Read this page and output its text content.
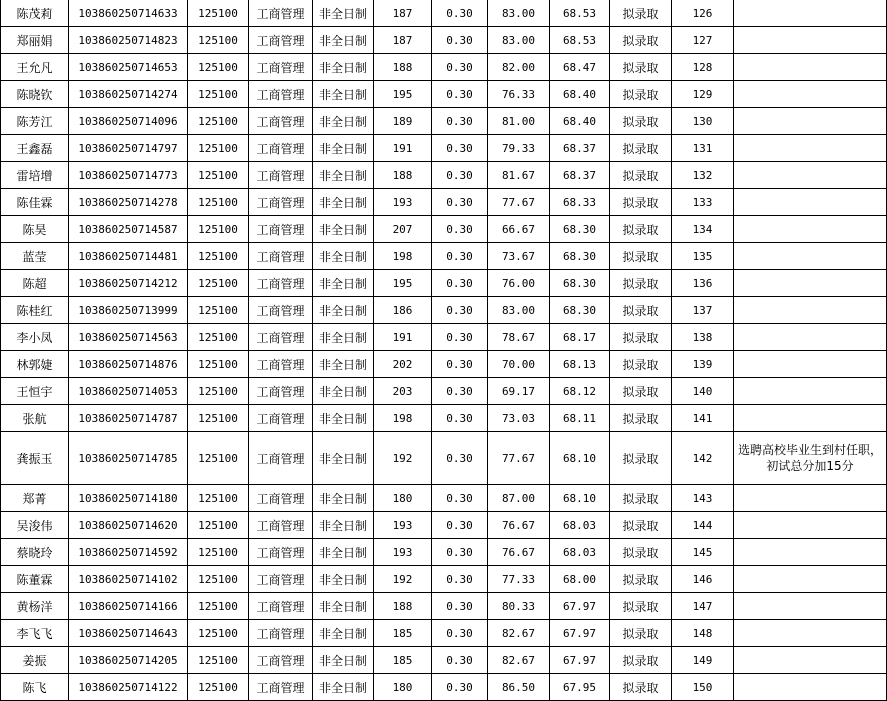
陈茂莉	103860250714633	125100	工商管理	非全日制	187	0.30	83.00	68.53	拟录取	126	
郑丽娟	103860250714823	125100	工商管理	非全日制	187	0.30	83.00	68.53	拟录取	127	
王允凡	103860250714653	125100	工商管理	非全日制	188	0.30	82.00	68.47	拟录取	128	
陈晓钦	103860250714274	125100	工商管理	非全日制	195	0.30	76.33	68.40	拟录取	129	
陈芳江	103860250714096	125100	工商管理	非全日制	189	0.30	81.00	68.40	拟录取	130	
王鑫磊	103860250714797	125100	工商管理	非全日制	191	0.30	79.33	68.37	拟录取	131	
雷培增	103860250714773	125100	工商管理	非全日制	188	0.30	81.67	68.37	拟录取	132	
陈佳霖	103860250714278	125100	工商管理	非全日制	193	0.30	77.67	68.33	拟录取	133	
陈昊	103860250714587	125100	工商管理	非全日制	207	0.30	66.67	68.30	拟录取	134	
蓝莹	103860250714481	125100	工商管理	非全日制	198	0.30	73.67	68.30	拟录取	135	
陈超	103860250714212	125100	工商管理	非全日制	195	0.30	76.00	68.30	拟录取	136	
陈桂红	103860250713999	125100	工商管理	非全日制	186	0.30	83.00	68.30	拟录取	137	
李小凤	103860250714563	125100	工商管理	非全日制	191	0.30	78.67	68.17	拟录取	138	
林郭婕	103860250714876	125100	工商管理	非全日制	202	0.30	70.00	68.13	拟录取	139	
王恒宇	103860250714053	125100	工商管理	非全日制	203	0.30	69.17	68.12	拟录取	140	
张航	103860250714787	125100	工商管理	非全日制	198	0.30	73.03	68.11	拟录取	141	
龚振玉	103860250714785	125100	工商管理	非全日制	192	0.30	77.67	68.10	拟录取	142	选聘高校毕业生到村任职，初试总分加15分
郑菁	103860250714180	125100	工商管理	非全日制	180	0.30	87.00	68.10	拟录取	143	
吴浚伟	103860250714620	125100	工商管理	非全日制	193	0.30	76.67	68.03	拟录取	144	
蔡晓玲	103860250714592	125100	工商管理	非全日制	193	0.30	76.67	68.03	拟录取	145	
陈董霖	103860250714102	125100	工商管理	非全日制	192	0.30	77.33	68.00	拟录取	146	
黄杨洋	103860250714166	125100	工商管理	非全日制	188	0.30	80.33	67.97	拟录取	147	
李飞飞	103860250714643	125100	工商管理	非全日制	185	0.30	82.67	67.97	拟录取	148	
姜振	103860250714205	125100	工商管理	非全日制	185	0.30	82.67	67.97	拟录取	149	
陈飞	103860250714122	125100	工商管理	非全日制	180	0.30	86.50	67.95	拟录取	150	
